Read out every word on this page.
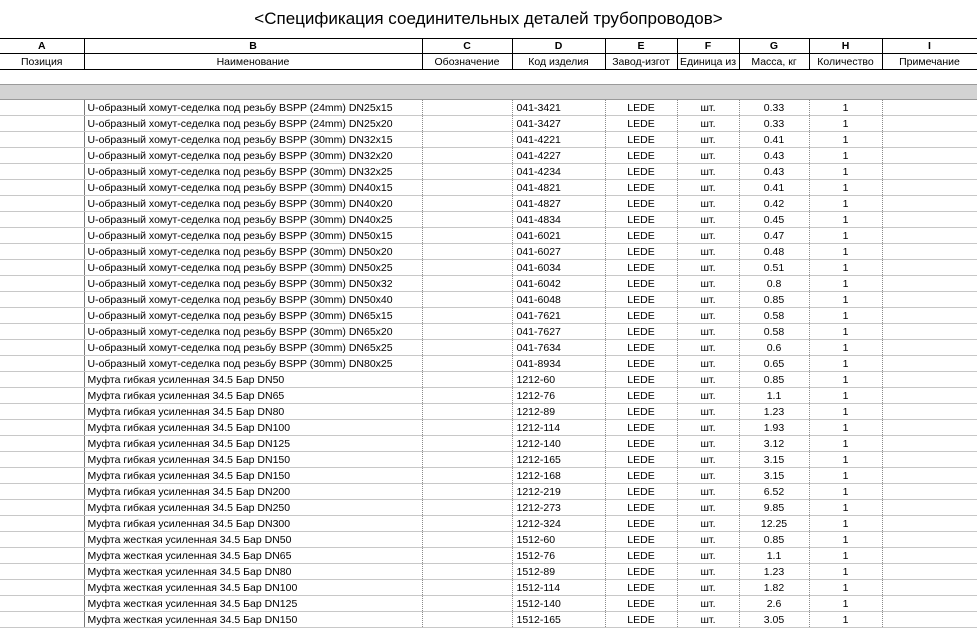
<Спецификация соединительных деталей трубопроводов>
A	B	C	D	E	F	G	H	I
Позиция	Наименование	Обозначение	Код изделия	Завод-изгот	Единица из	Масса, кг	Количество	Примечание

	U-образный хомут-седелка под резьбу BSPP (24mm) DN25x15		041-3421	LEDE	шт.	0.33	1	
	U-образный хомут-седелка под резьбу BSPP (24mm) DN25x20		041-3427	LEDE	шт.	0.33	1	
	U-образный хомут-седелка под резьбу BSPP (30mm) DN32x15		041-4221	LEDE	шт.	0.41	1	
	U-образный хомут-седелка под резьбу BSPP (30mm) DN32x20		041-4227	LEDE	шт.	0.43	1	
	U-образный хомут-седелка под резьбу BSPP (30mm) DN32x25		041-4234	LEDE	шт.	0.43	1	
	U-образный хомут-седелка под резьбу BSPP (30mm) DN40x15		041-4821	LEDE	шт.	0.41	1	
	U-образный хомут-седелка под резьбу BSPP (30mm) DN40x20		041-4827	LEDE	шт.	0.42	1	
	U-образный хомут-седелка под резьбу BSPP (30mm) DN40x25		041-4834	LEDE	шт.	0.45	1	
	U-образный хомут-седелка под резьбу BSPP (30mm) DN50x15		041-6021	LEDE	шт.	0.47	1	
	U-образный хомут-седелка под резьбу BSPP (30mm) DN50x20		041-6027	LEDE	шт.	0.48	1	
	U-образный хомут-седелка под резьбу BSPP (30mm) DN50x25		041-6034	LEDE	шт.	0.51	1	
	U-образный хомут-седелка под резьбу BSPP (30mm) DN50x32		041-6042	LEDE	шт.	0.8	1	
	U-образный хомут-седелка под резьбу BSPP (30mm) DN50x40		041-6048	LEDE	шт.	0.85	1	
	U-образный хомут-седелка под резьбу BSPP (30mm) DN65x15		041-7621	LEDE	шт.	0.58	1	
	U-образный хомут-седелка под резьбу BSPP (30mm) DN65x20		041-7627	LEDE	шт.	0.58	1	
	U-образный хомут-седелка под резьбу BSPP (30mm) DN65x25		041-7634	LEDE	шт.	0.6	1	
	U-образный хомут-седелка под резьбу BSPP (30mm) DN80x25		041-8934	LEDE	шт.	0.65	1	
	Муфта гибкая усиленная 34.5 Бар DN50		1212-60	LEDE	шт.	0.85	1	
	Муфта гибкая усиленная 34.5 Бар DN65		1212-76	LEDE	шт.	1.1	1	
	Муфта гибкая усиленная 34.5 Бар DN80		1212-89	LEDE	шт.	1.23	1	
	Муфта гибкая усиленная 34.5 Бар DN100		1212-114	LEDE	шт.	1.93	1	
	Муфта гибкая усиленная 34.5 Бар DN125		1212-140	LEDE	шт.	3.12	1	
	Муфта гибкая усиленная 34.5 Бар DN150		1212-165	LEDE	шт.	3.15	1	
	Муфта гибкая усиленная 34.5 Бар DN150		1212-168	LEDE	шт.	3.15	1	
	Муфта гибкая усиленная 34.5 Бар DN200		1212-219	LEDE	шт.	6.52	1	
	Муфта гибкая усиленная 34.5 Бар DN250		1212-273	LEDE	шт.	9.85	1	
	Муфта гибкая усиленная 34.5 Бар DN300		1212-324	LEDE	шт.	12.25	1	
	Муфта жесткая усиленная 34.5 Бар DN50		1512-60	LEDE	шт.	0.85	1	
	Муфта жесткая усиленная 34.5 Бар DN65		1512-76	LEDE	шт.	1.1	1	
	Муфта жесткая усиленная 34.5 Бар DN80		1512-89	LEDE	шт.	1.23	1	
	Муфта жесткая усиленная 34.5 Бар DN100		1512-114	LEDE	шт.	1.82	1	
	Муфта жесткая усиленная 34.5 Бар DN125		1512-140	LEDE	шт.	2.6	1	
	Муфта жесткая усиленная 34.5 Бар DN150		1512-165	LEDE	шт.	3.05	1	
